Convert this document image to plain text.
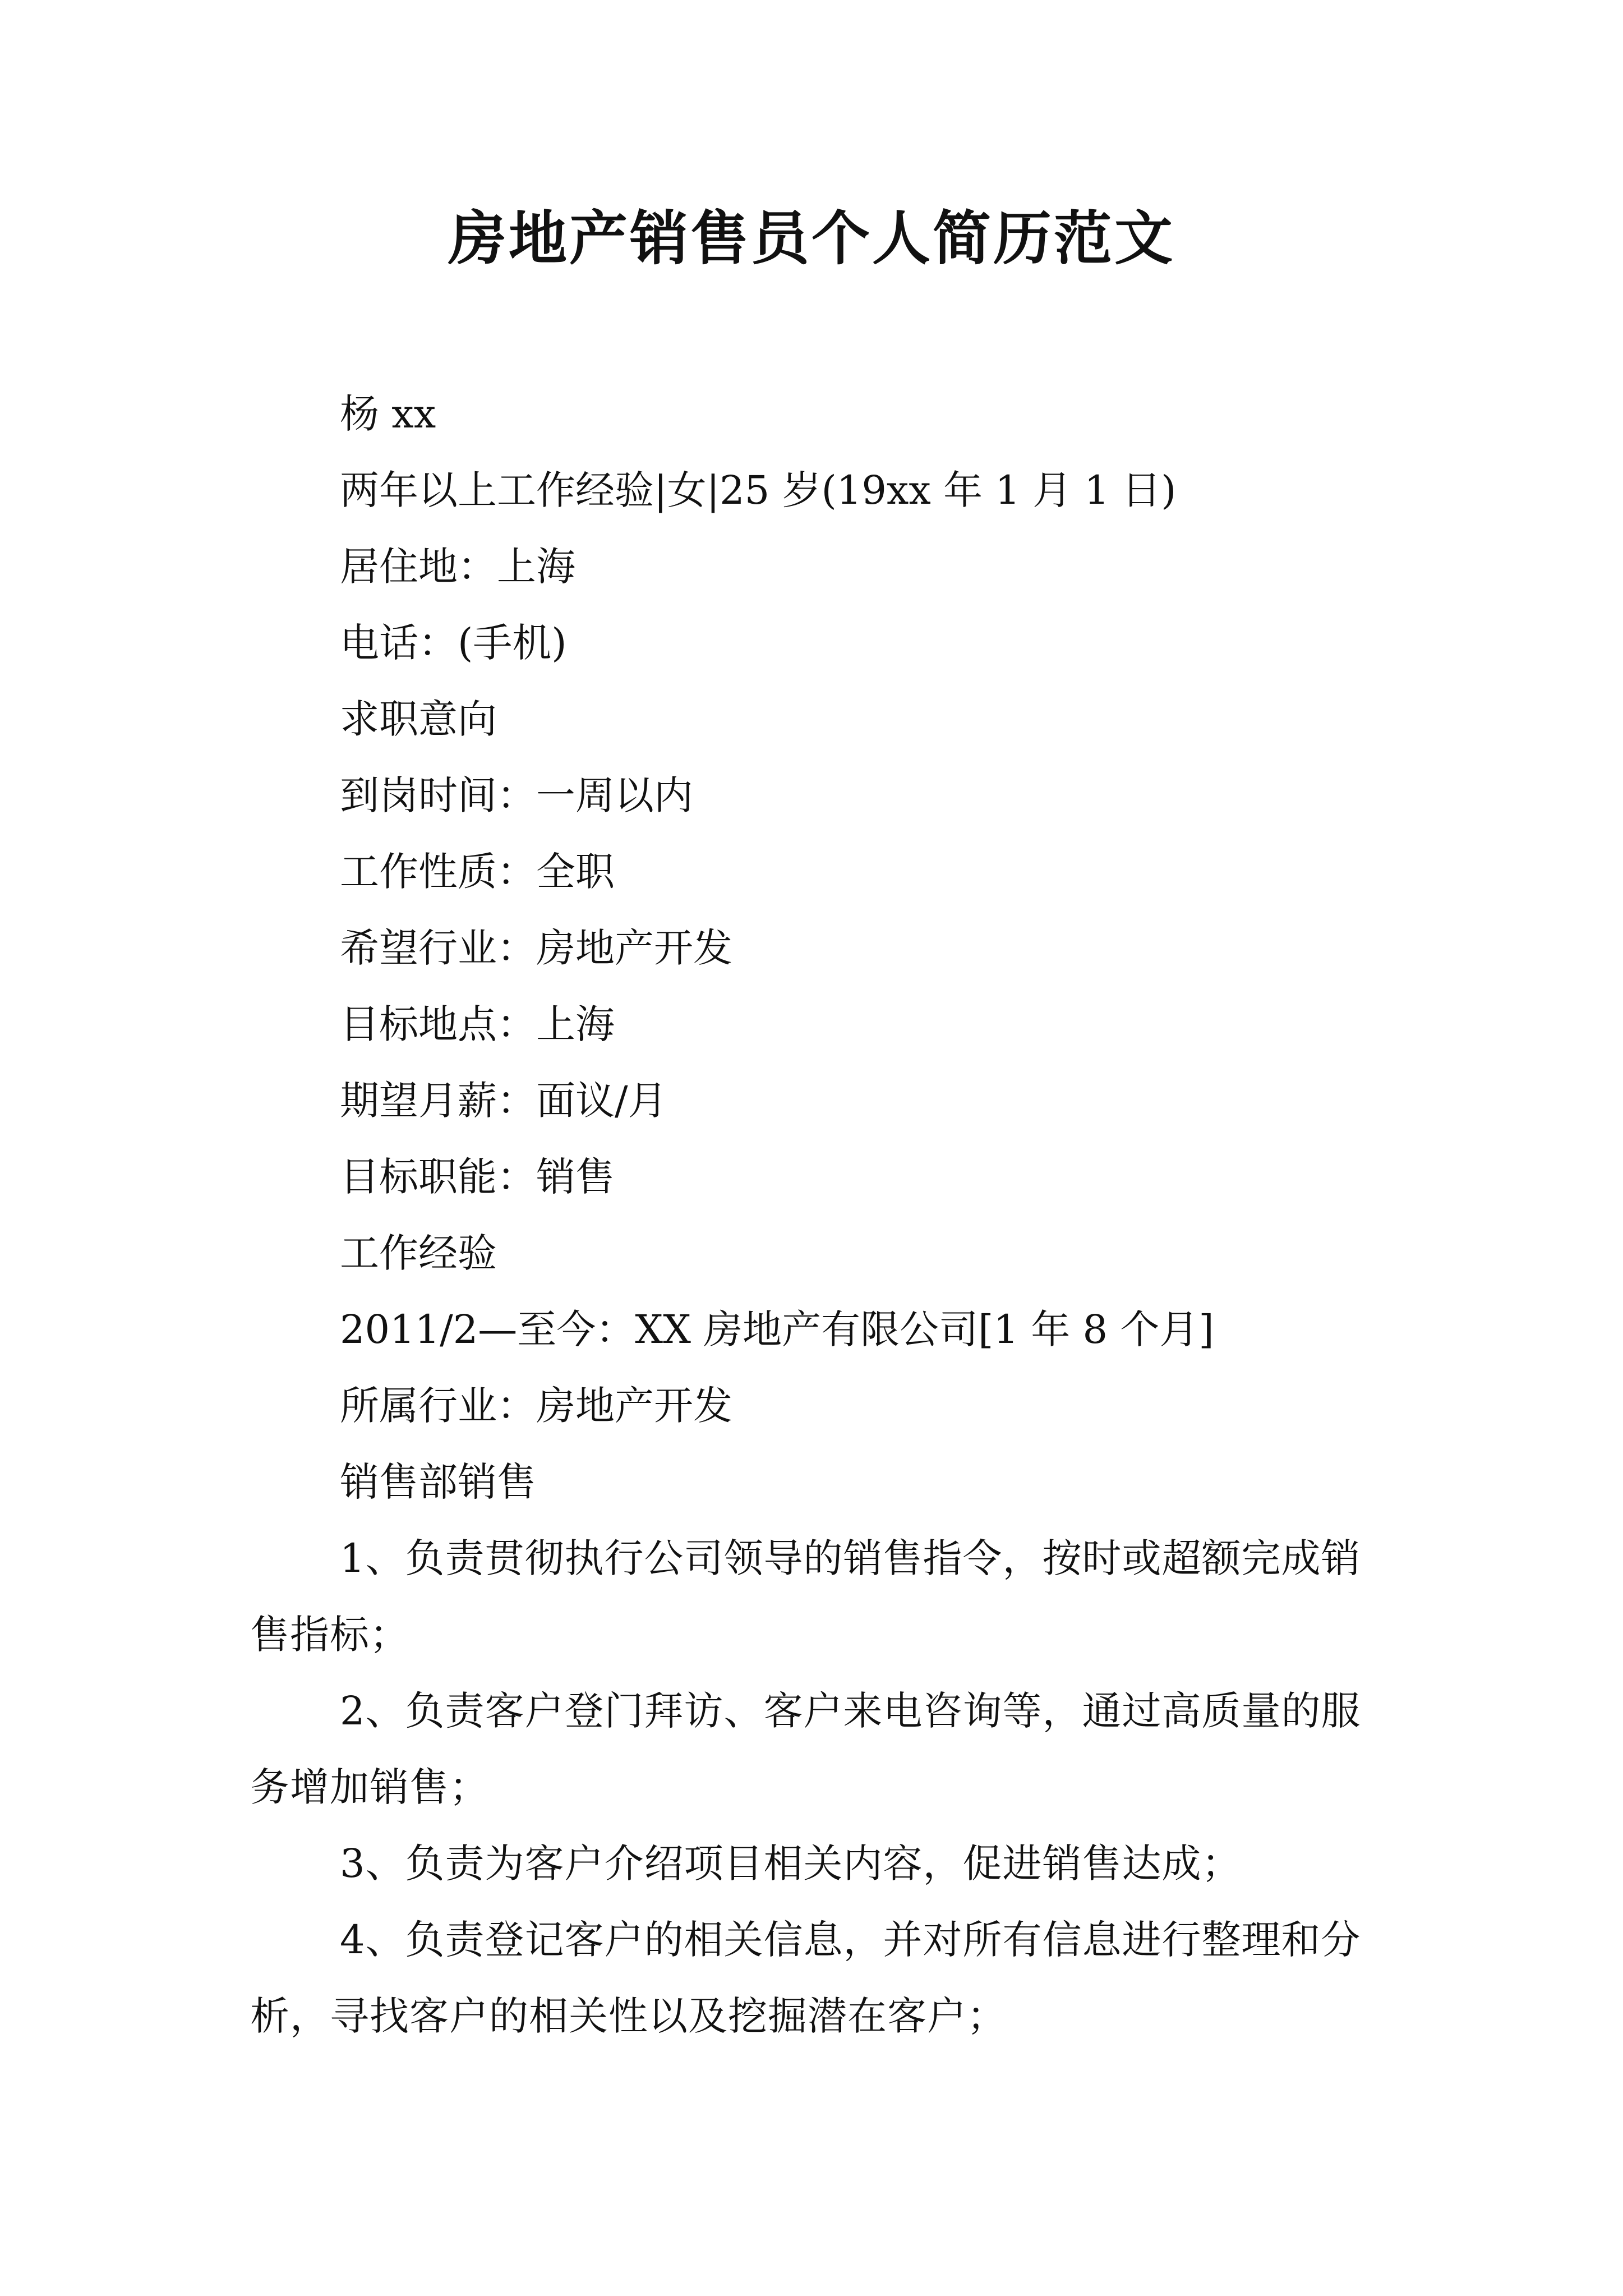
房地产销售员个人简历范文
杨 xx
两年以上工作经验|女|25 岁(19xx 年 1 月 1 日)
居住地：上海
电话：(手机)
求职意向
到岗时间：一周以内
工作性质：全职
希望行业：房地产开发
目标地点：上海
期望月薪：面议/月
目标职能：销售
工作经验
2011/2—至今：XX 房地产有限公司[1 年 8 个月]
所属行业：房地产开发
销售部销售
1、负责贯彻执行公司领导的销售指令，按时或超额完成销售指标；
2、负责客户登门拜访、客户来电咨询等，通过高质量的服务增加销售；
3、负责为客户介绍项目相关内容，促进销售达成；
4、负责登记客户的相关信息，并对所有信息进行整理和分析，寻找客户的相关性以及挖掘潜在客户；
